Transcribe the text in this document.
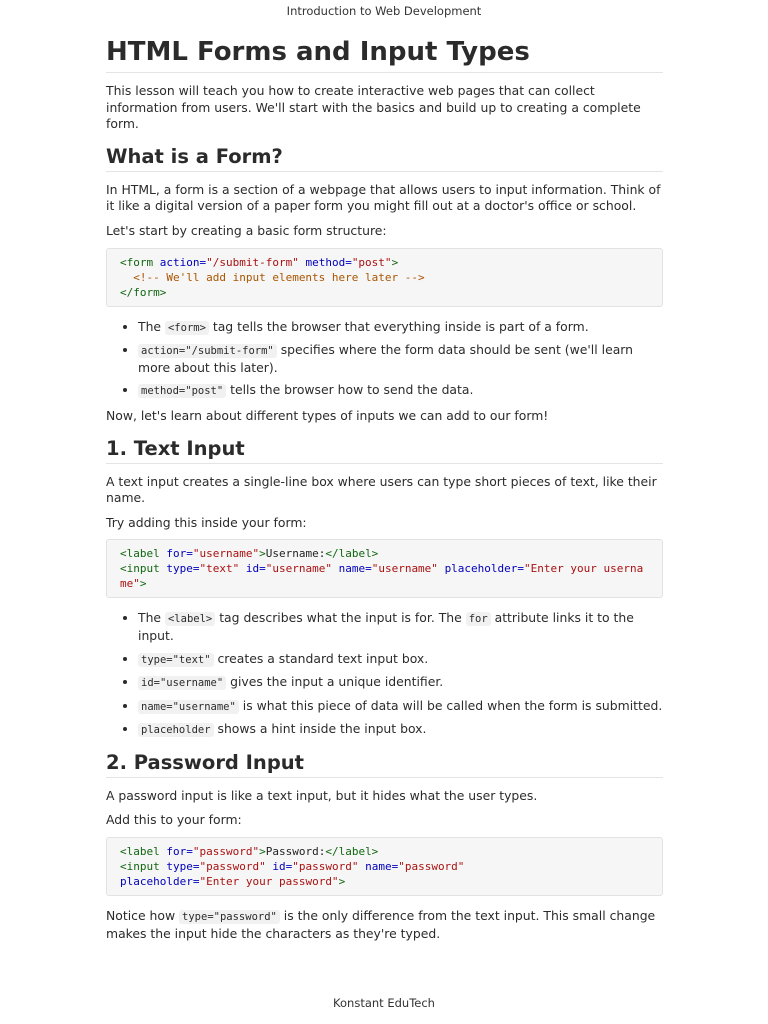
Introduction to Web Development
HTML Forms and Input Types

This lesson will teach you how to create interactive web pages that can collect information from users. We'll start with the basics and build up to creating a complete form.

What is a Form?

In HTML, a form is a section of a webpage that allows users to input information. Think of it like a digital version of a paper form you might fill out at a doctor's office or school.

Let's start by creating a basic form structure:

<form action="/submit-form" method="post">
<!-- We'll add input elements here later -->
</form>
• The <form> tag tells the browser that everything inside is part of a form.
• action="/submit-form" specifies where the form data should be sent (we'll learn more about this later).
• method="post" tells the browser how to send the data.

Now, let's learn about different types of inputs we can add to our form!

1. Text Input

A text input creates a single-line box where users can type short pieces of text, like their name.

Try adding this inside your form:

<label for="username">Username:</label>
<input type="text" id="username" name="username" placeholder="Enter your username">
• The <label> tag describes what the input is for. The for attribute links it to the input.
• type="text" creates a standard text input box.
• id="username" gives the input a unique identifier.
• name="username" is what this piece of data will be called when the form is submitted.
• placeholder shows a hint inside the input box.
2. Password Input

A password input is like a text input, but it hides what the user types.

Add this to your form:

<label for="password">Password:</label>
<input type="password" id="password" name="password"
placeholder="Enter your password">

Notice how type="password" is the only difference from the text input. This small change makes the input hide the characters as they're typed.

Konstant EduTech
